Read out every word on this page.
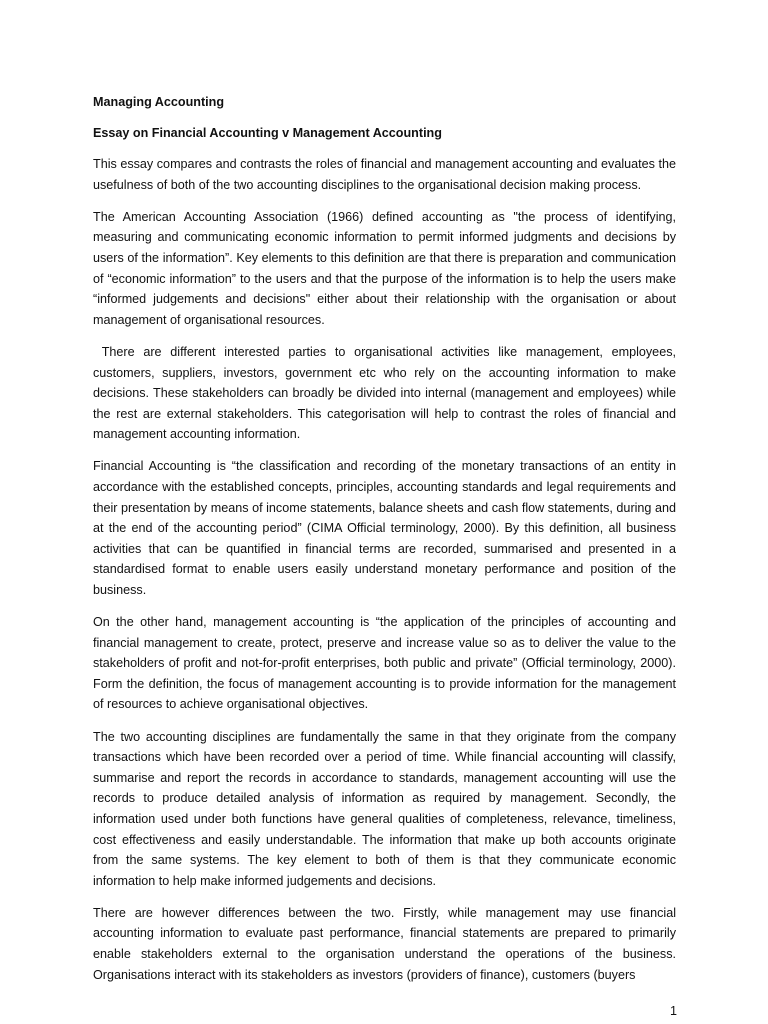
Managing Accounting

Essay on Financial Accounting v Management Accounting

This essay compares and contrasts the roles of financial and management accounting and evaluates the usefulness of both of the two accounting disciplines to the organisational decision making process.

The American Accounting Association (1966) defined accounting as "the process of identifying, measuring and communicating economic information to permit informed judgments and decisions by users of the information”. Key elements to this definition are that there is preparation and communication of “economic information” to the users and that the purpose of the information is to help the users make “informed judgements and decisions" either about their relationship with the organisation or about management of organisational resources.

There are different interested parties to organisational activities like management, employees, customers, suppliers, investors, government etc who rely on the accounting information to make decisions. These stakeholders can broadly be divided into internal (management and employees) while the rest are external stakeholders. This categorisation will help to contrast the roles of financial and management accounting information.

Financial Accounting is “the classification and recording of the monetary transactions of an entity in accordance with the established concepts, principles, accounting standards and legal requirements and their presentation by means of income statements, balance sheets and cash flow statements, during and at the end of the accounting period” (CIMA Official terminology, 2000). By this definition, all business activities that can be quantified in financial terms are recorded, summarised and presented in a standardised format to enable users easily understand monetary performance and position of the business.

On the other hand, management accounting is “the application of the principles of accounting and financial management to create, protect, preserve and increase value so as to deliver the value to the stakeholders of profit and not-for-profit enterprises, both public and private” (Official terminology, 2000). Form the definition, the focus of management accounting is to provide information for the management of resources to achieve organisational objectives.

The two accounting disciplines are fundamentally the same in that they originate from the company transactions which have been recorded over a period of time. While financial accounting will classify, summarise and report the records in accordance to standards, management accounting will use the records to produce detailed analysis of information as required by management. Secondly, the information used under both functions have general qualities of completeness, relevance, timeliness, cost effectiveness and easily understandable. The information that make up both accounts originate from the same systems. The key element to both of them is that they communicate economic information to help make informed judgements and decisions.

There are however differences between the two. Firstly, while management may use financial accounting information to evaluate past performance, financial statements are prepared to primarily enable stakeholders external to the organisation understand the operations of the business. Organisations interact with its stakeholders as investors (providers of finance), customers (buyers

1
